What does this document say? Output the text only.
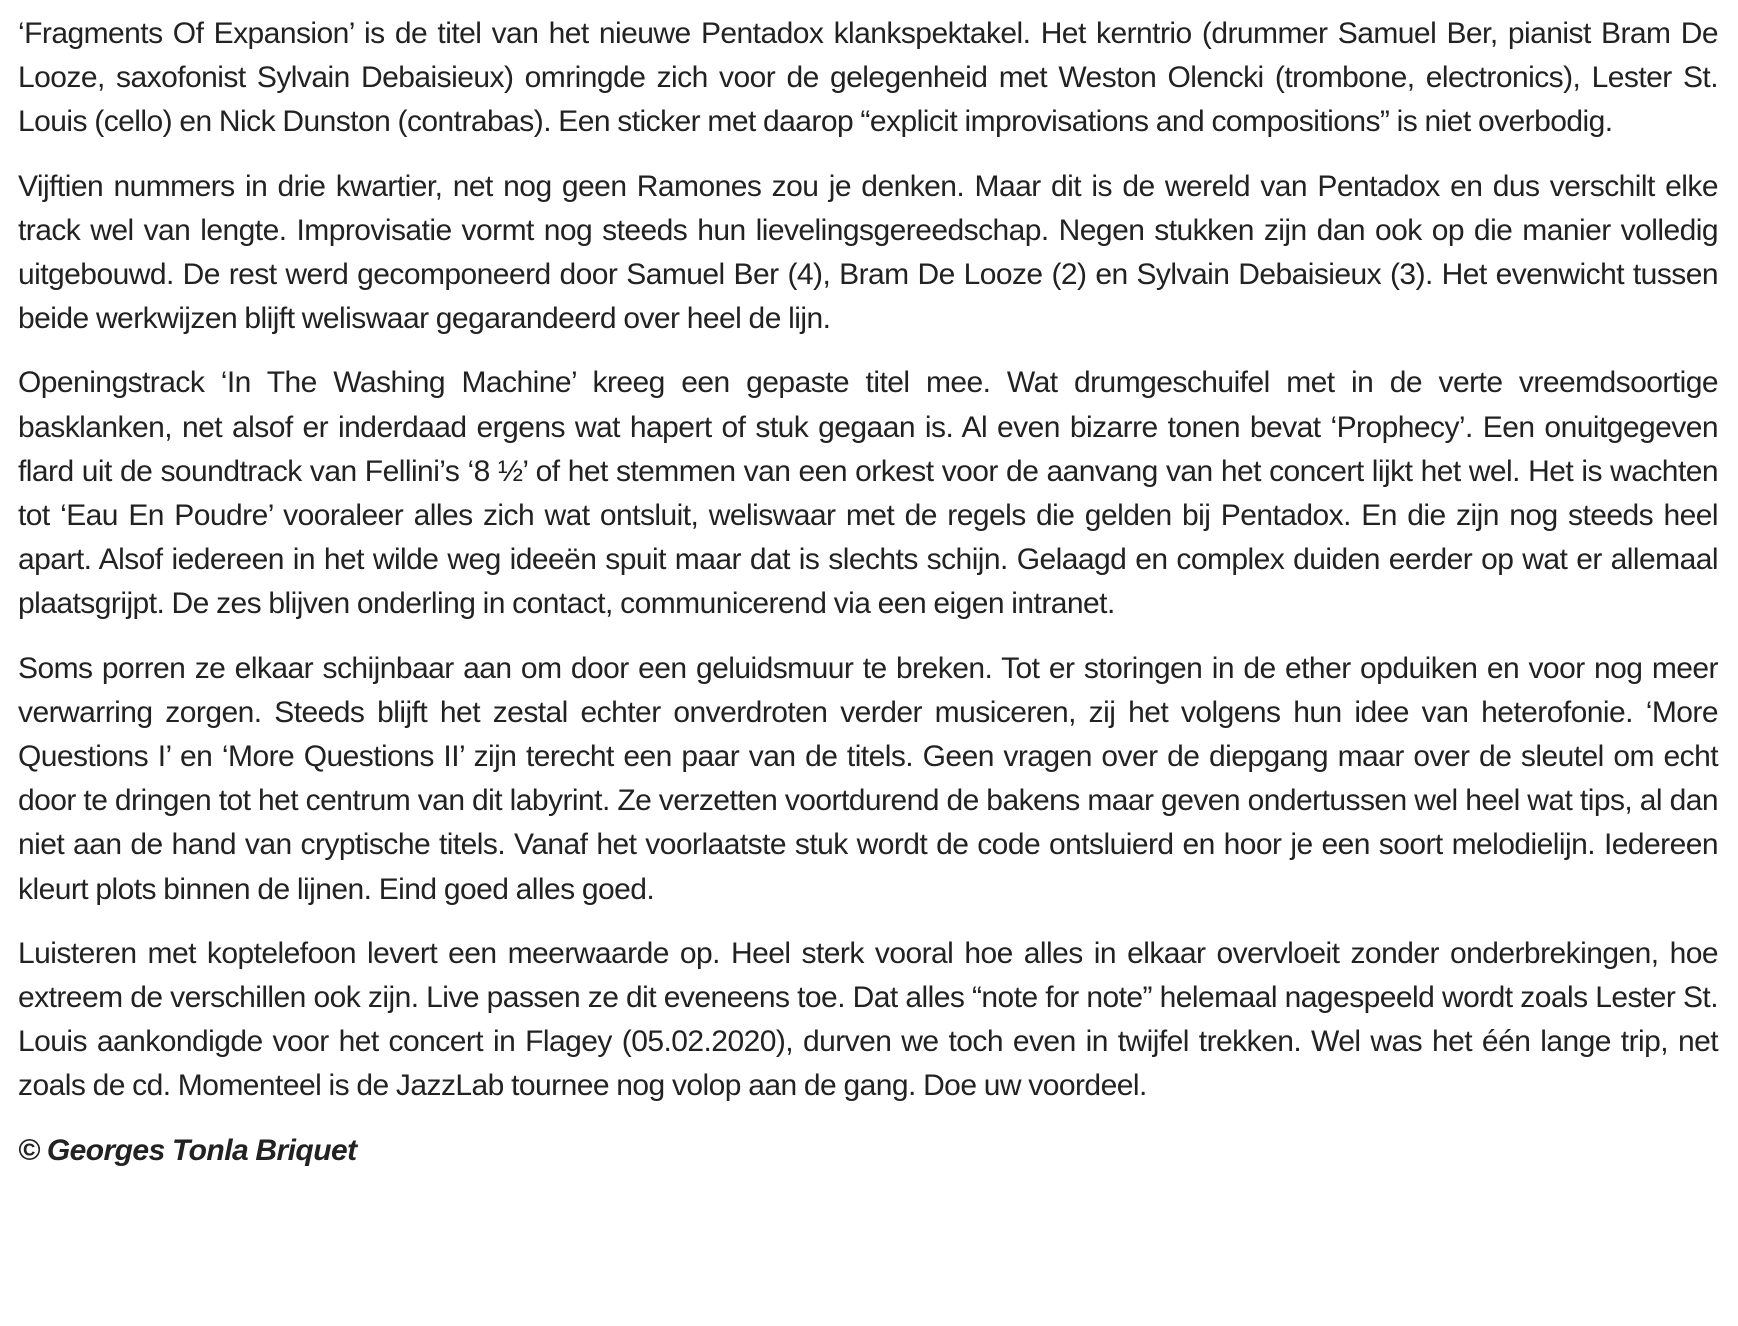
‘Fragments Of Expansion’ is de titel van het nieuwe Pentadox klankspektakel. Het kerntrio (drummer Samuel Ber, pianist Bram De Looze, saxofonist Sylvain Debaisieux) omringde zich voor de gelegenheid met Weston Olencki (trombone, electronics), Lester St. Louis (cello) en Nick Dunston (contrabas). Een sticker met daarop “explicit improvisations and compositions” is niet overbodig.

Vijftien nummers in drie kwartier, net nog geen Ramones zou je denken. Maar dit is de wereld van Pentadox en dus verschilt elke track wel van lengte. Improvisatie vormt nog steeds hun lievelingsgereedschap. Negen stukken zijn dan ook op die manier volledig uitgebouwd. De rest werd gecomponeerd door Samuel Ber (4), Bram De Looze (2) en Sylvain Debaisieux (3). Het evenwicht tussen beide werkwijzen blijft weliswaar gegarandeerd over heel de lijn.

Openingstrack ‘In The Washing Machine’ kreeg een gepaste titel mee. Wat drumgeschuifel met in de verte vreemdsoortige basklanken, net alsof er inderdaad ergens wat hapert of stuk gegaan is. Al even bizarre tonen bevat ‘Prophecy’. Een onuitgegeven flard uit de soundtrack van Fellini’s ‘8 ½’ of het stemmen van een orkest voor de aanvang van het concert lijkt het wel. Het is wachten tot ‘Eau En Poudre’ vooraleer alles zich wat ontsluit, weliswaar met de regels die gelden bij Pentadox. En die zijn nog steeds heel apart. Alsof iedereen in het wilde weg ideeën spuit maar dat is slechts schijn. Gelaagd en complex duiden eerder op wat er allemaal plaatsgrijpt. De zes blijven onderling in contact, communicerend via een eigen intranet.

Soms porren ze elkaar schijnbaar aan om door een geluidsmuur te breken. Tot er storingen in de ether opduiken en voor nog meer verwarring zorgen. Steeds blijft het zestal echter onverdroten verder musiceren, zij het volgens hun idee van heterofonie. ‘More Questions I’ en ‘More Questions II’ zijn terecht een paar van de titels. Geen vragen over de diepgang maar over de sleutel om echt door te dringen tot het centrum van dit labyrint. Ze verzetten voortdurend de bakens maar geven ondertussen wel heel wat tips, al dan niet aan de hand van cryptische titels. Vanaf het voorlaatste stuk wordt de code ontsluierd en hoor je een soort melodielijn. Iedereen kleurt plots binnen de lijnen. Eind goed alles goed.

Luisteren met koptelefoon levert een meerwaarde op. Heel sterk vooral hoe alles in elkaar overvloeit zonder onderbrekingen, hoe extreem de verschillen ook zijn. Live passen ze dit eveneens toe. Dat alles “note for note” helemaal nagespeeld wordt zoals Lester St. Louis aankondigde voor het concert in Flagey (05.02.2020), durven we toch even in twijfel trekken. Wel was het één lange trip, net zoals de cd. Momenteel is de JazzLab tournee nog volop aan de gang. Doe uw voordeel.

© Georges Tonla Briquet
